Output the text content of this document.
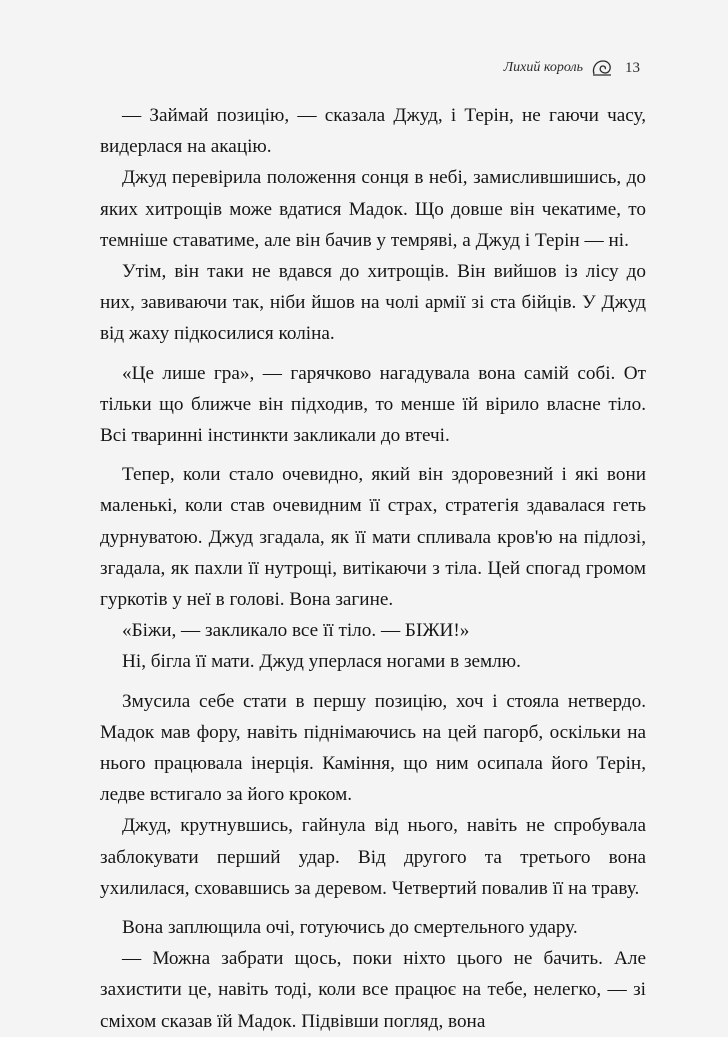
Лихий король	13

— Займай позицію, — сказала Джуд, і Терін, не гаючи часу, видерлася на акацію.

Джуд перевірила положення сонця в небі, замислившишись, до яких хитрощів може вдатися Мадок. Що довше він чекатиме, то темніше ставатиме, але він бачив у темряві, а Джуд і Терін — ні.

Утім, він таки не вдався до хитрощів. Він вийшов із лісу до них, завиваючи так, ніби йшов на чолі армії зі ста бійців. У Джуд від жаху підкосилися коліна.

«Це лише гра», — гарячково нагадувала вона самій собі. От тільки що ближче він підходив, то менше їй вірило власне тіло. Всі тваринні інстинкти закликали до втечі.

Тепер, коли стало очевидно, який він здоровезний і які вони маленькі, коли став очевидним її страх, стратегія здавалася геть дурнуватою. Джуд згадала, як її мати спливала кров'ю на підлозі, згадала, як пахли її нутрощі, витікаючи з тіла. Цей спогад громом гуркотів у неї в голові. Вона загине.

«Біжи, — закликало все її тіло. — БІЖИ!»

Ні, бігла її мати. Джуд уперлася ногами в землю.

Змусила себе стати в першу позицію, хоч і стояла нетвердо. Мадок мав фору, навіть піднімаючись на цей пагорб, оскільки на нього працювала інерція. Каміння, що ним осипала його Терін, ледве встигало за його кроком.

Джуд, крутнувшись, гайнула від нього, навіть не спробувала заблокувати перший удар. Від другого та третього вона ухилилася, сховавшись за деревом. Четвертий повалив її на траву.

Вона заплющила очі, готуючись до смертельного удару.

— Можна забрати щось, поки ніхто цього не бачить. Але захистити це, навіть тоді, коли все працює на тебе, нелегко, — зі сміхом сказав їй Мадок. Підвівши погляд, вона
